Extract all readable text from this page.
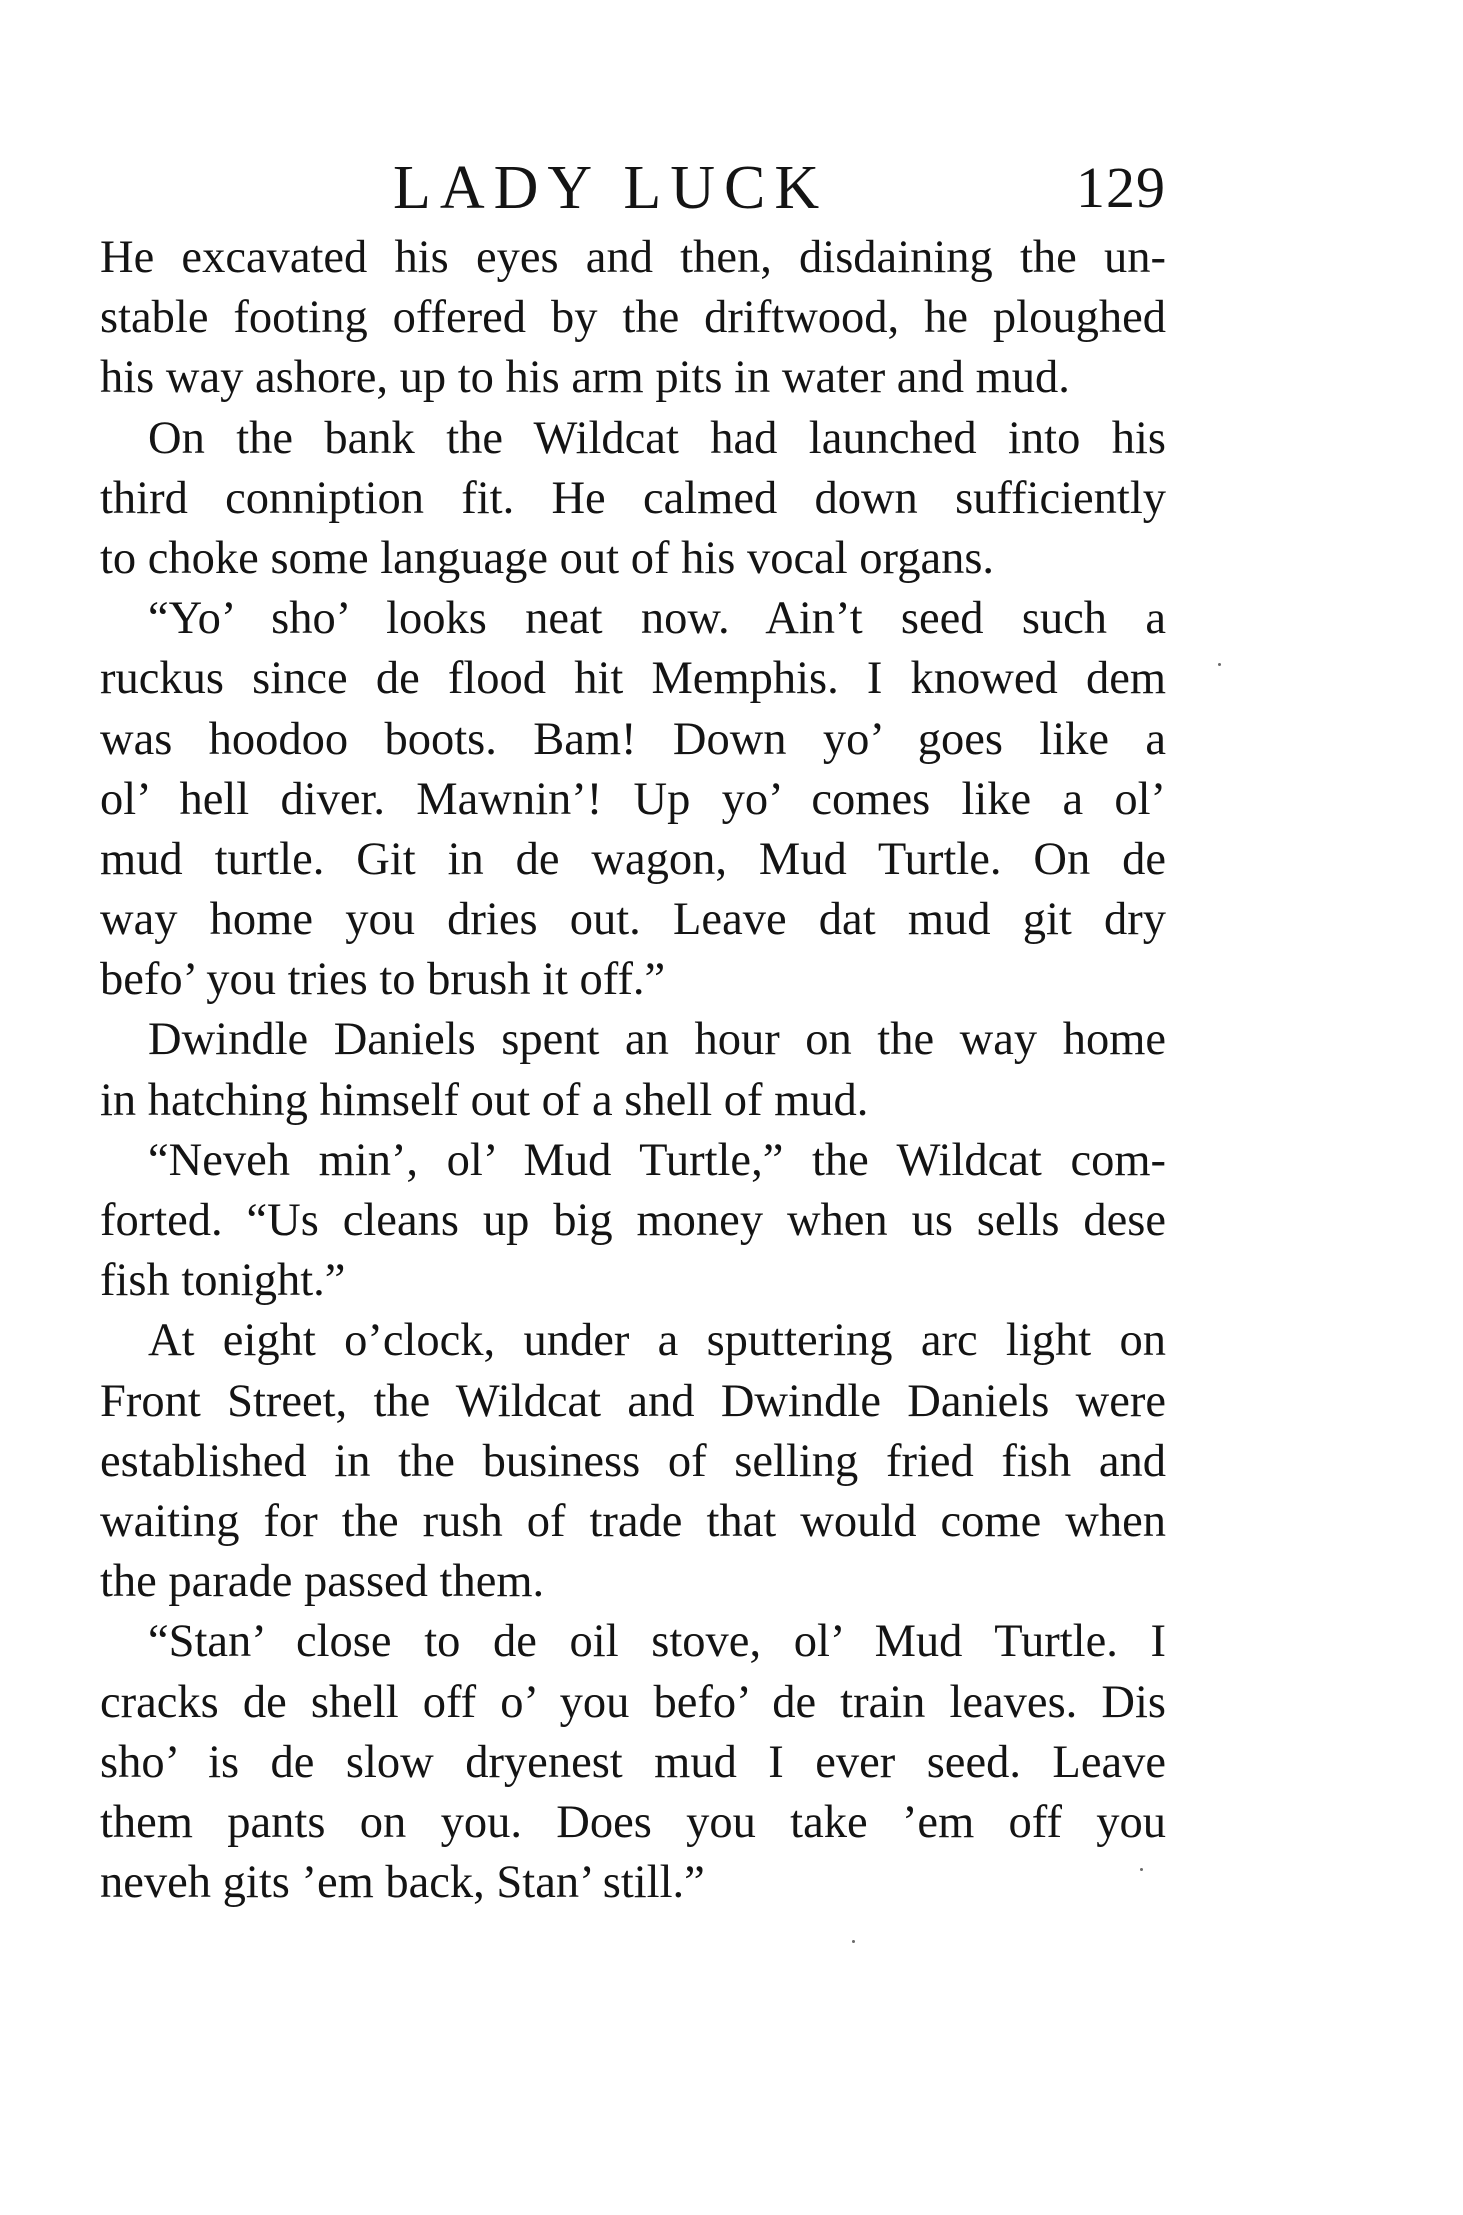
LADY LUCK	129

He excavated his eyes and then, disdaining the un-
stable footing offered by the driftwood, he ploughed
his way ashore, up to his arm pits in water and mud.

On the bank the Wildcat had launched into his
third conniption fit. He calmed down sufficiently
to choke some language out of his vocal organs.

“Yo’ sho’ looks neat now. Ain’t seed such a
ruckus since de flood hit Memphis. I knowed dem
was hoodoo boots. Bam! Down yo’ goes like a
ol’ hell diver. Mawnin’! Up yo’ comes like a ol’
mud turtle. Git in de wagon, Mud Turtle. On de
way home you dries out. Leave dat mud git dry
befo’ you tries to brush it off.”

Dwindle Daniels spent an hour on the way home
in hatching himself out of a shell of mud.

“Neveh min’, ol’ Mud Turtle,” the Wildcat com-
forted. “Us cleans up big money when us sells dese
fish tonight.”

At eight o’clock, under a sputtering arc light on
Front Street, the Wildcat and Dwindle Daniels were
established in the business of selling fried fish and
waiting for the rush of trade that would come when
the parade passed them.

“Stan’ close to de oil stove, ol’ Mud Turtle. I
cracks de shell off o’ you befo’ de train leaves. Dis
sho’ is de slow dryenest mud I ever seed. Leave
them pants on you. Does you take ’em off you
neveh gits ’em back, Stan’ still.”
